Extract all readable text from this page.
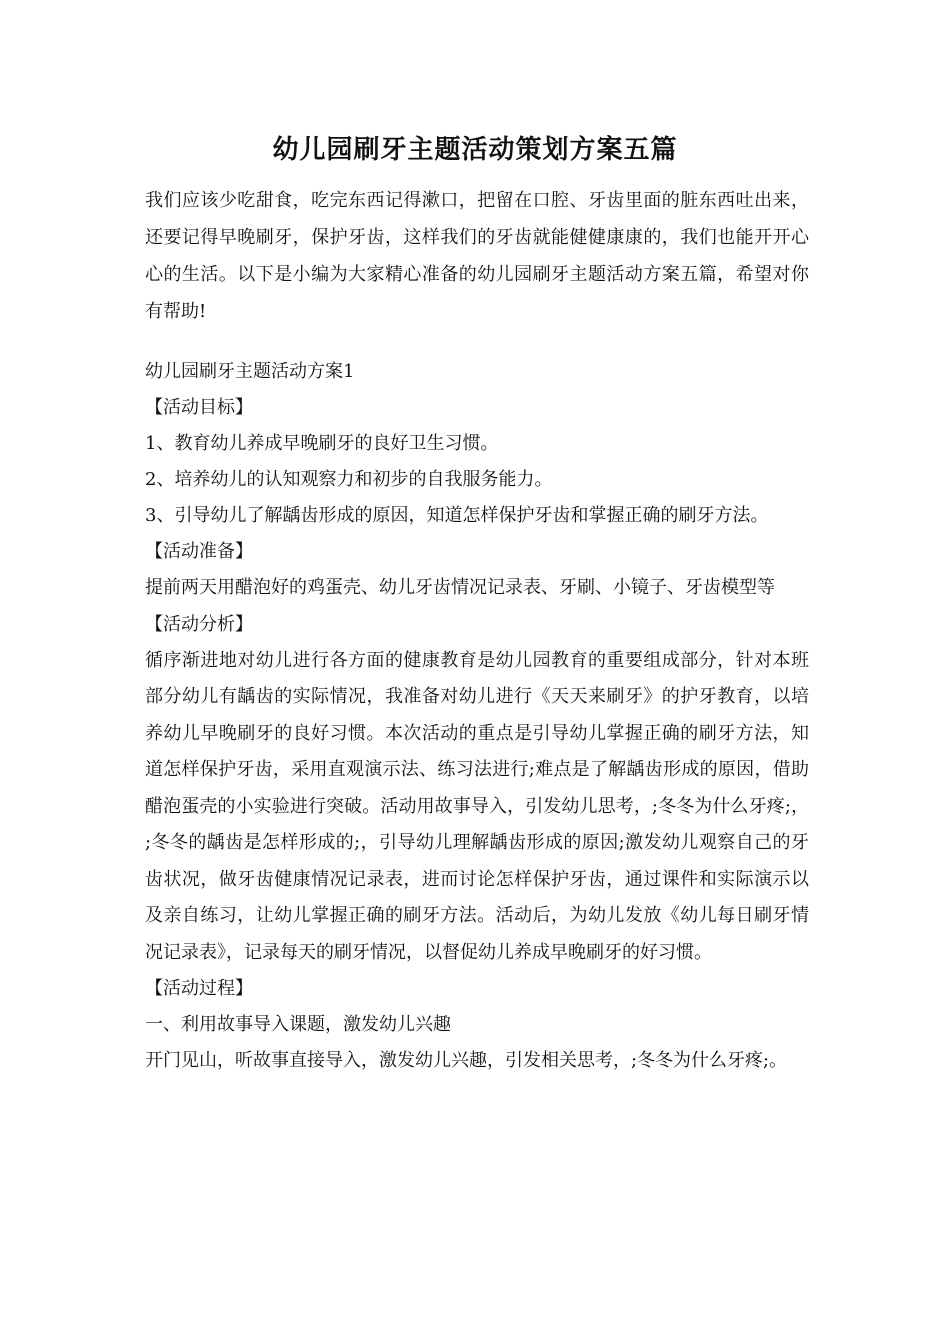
幼儿园刷牙主题活动策划方案五篇

我们应该少吃甜食，吃完东西记得漱口，把留在口腔、牙齿里面的脏东西吐出来，还要记得早晚刷牙，保护牙齿，这样我们的牙齿就能健健康康的，我们也能开开心心的生活。以下是小编为大家精心准备的幼儿园刷牙主题活动方案五篇，希望对你有帮助!

幼儿园刷牙主题活动方案1
【活动目标】
1、教育幼儿养成早晚刷牙的良好卫生习惯。
2、培养幼儿的认知观察力和初步的自我服务能力。
3、引导幼儿了解龋齿形成的原因，知道怎样保护牙齿和掌握正确的刷牙方法。
【活动准备】

提前两天用醋泡好的鸡蛋壳、幼儿牙齿情况记录表、牙刷、小镜子、牙齿模型等

【活动分析】

循序渐进地对幼儿进行各方面的健康教育是幼儿园教育的重要组成部分，针对本班部分幼儿有龋齿的实际情况，我准备对幼儿进行《天天来刷牙》的护牙教育，以培养幼儿早晚刷牙的良好习惯。本次活动的重点是引导幼儿掌握正确的刷牙方法，知道怎样保护牙齿，采用直观演示法、练习法进行;难点是了解龋齿形成的原因，借助醋泡蛋壳的小实验进行突破。活动用故事导入，引发幼儿思考，;冬冬为什么牙疼;，;冬冬的龋齿是怎样形成的;，引导幼儿理解龋齿形成的原因;激发幼儿观察自己的牙齿状况，做牙齿健康情况记录表，进而讨论怎样保护牙齿，通过课件和实际演示以及亲自练习，让幼儿掌握正确的刷牙方法。活动后，为幼儿发放《幼儿每日刷牙情况记录表》，记录每天的刷牙情况，以督促幼儿养成早晚刷牙的好习惯。

【活动过程】
一、利用故事导入课题，激发幼儿兴趣

开门见山，听故事直接导入，激发幼儿兴趣，引发相关思考，;冬冬为什么牙疼;。
